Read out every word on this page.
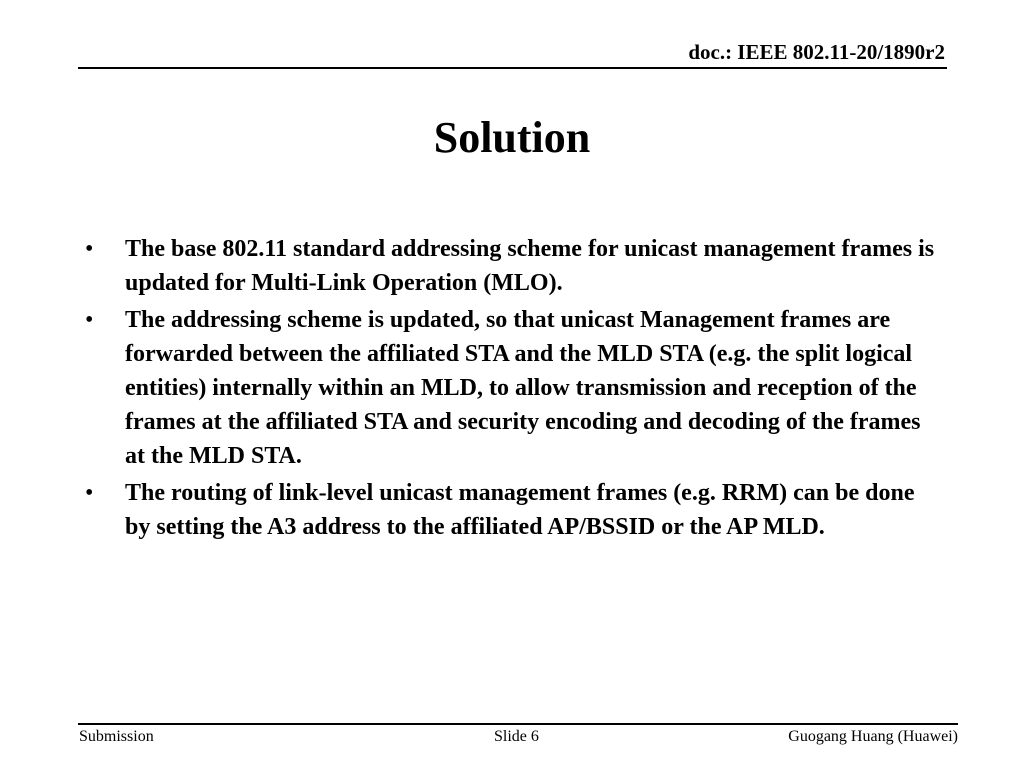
doc.: IEEE 802.11-20/1890r2
Solution
• The base 802.11 standard addressing scheme for unicast management frames is updated for Multi-Link Operation (MLO).
• The addressing scheme is updated, so that unicast Management frames are forwarded between the affiliated STA and the MLD STA (e.g. the split logical entities) internally within an MLD, to allow transmission and reception of the frames at the affiliated STA and security encoding and decoding of the frames at the MLD STA.
• The routing of link-level unicast management frames (e.g. RRM) can be done by setting the A3 address to the affiliated AP/BSSID or the AP MLD.
Submission	Slide 6	Guogang Huang (Huawei)
